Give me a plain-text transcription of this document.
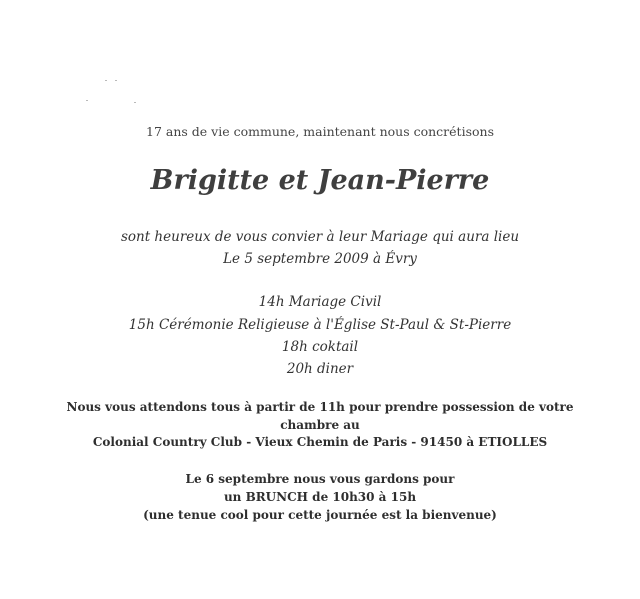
17 ans de vie commune, maintenant nous concrétisons
Brigitte et Jean-Pierre
sont heureux de vous convier à leur Mariage qui aura lieu
Le 5 septembre 2009 à Évry
14h Mariage Civil
15h Cérémonie Religieuse à l'Église St-Paul & St-Pierre
18h coktail
20h diner
Nous vous attendons tous à partir de 11h pour prendre possession de votre
chambre au
Colonial Country Club - Vieux Chemin de Paris - 91450 à ETIOLLES
Le 6 septembre nous vous gardons pour
un BRUNCH de 10h30 à 15h
(une tenue cool pour cette journée est la bienvenue)
